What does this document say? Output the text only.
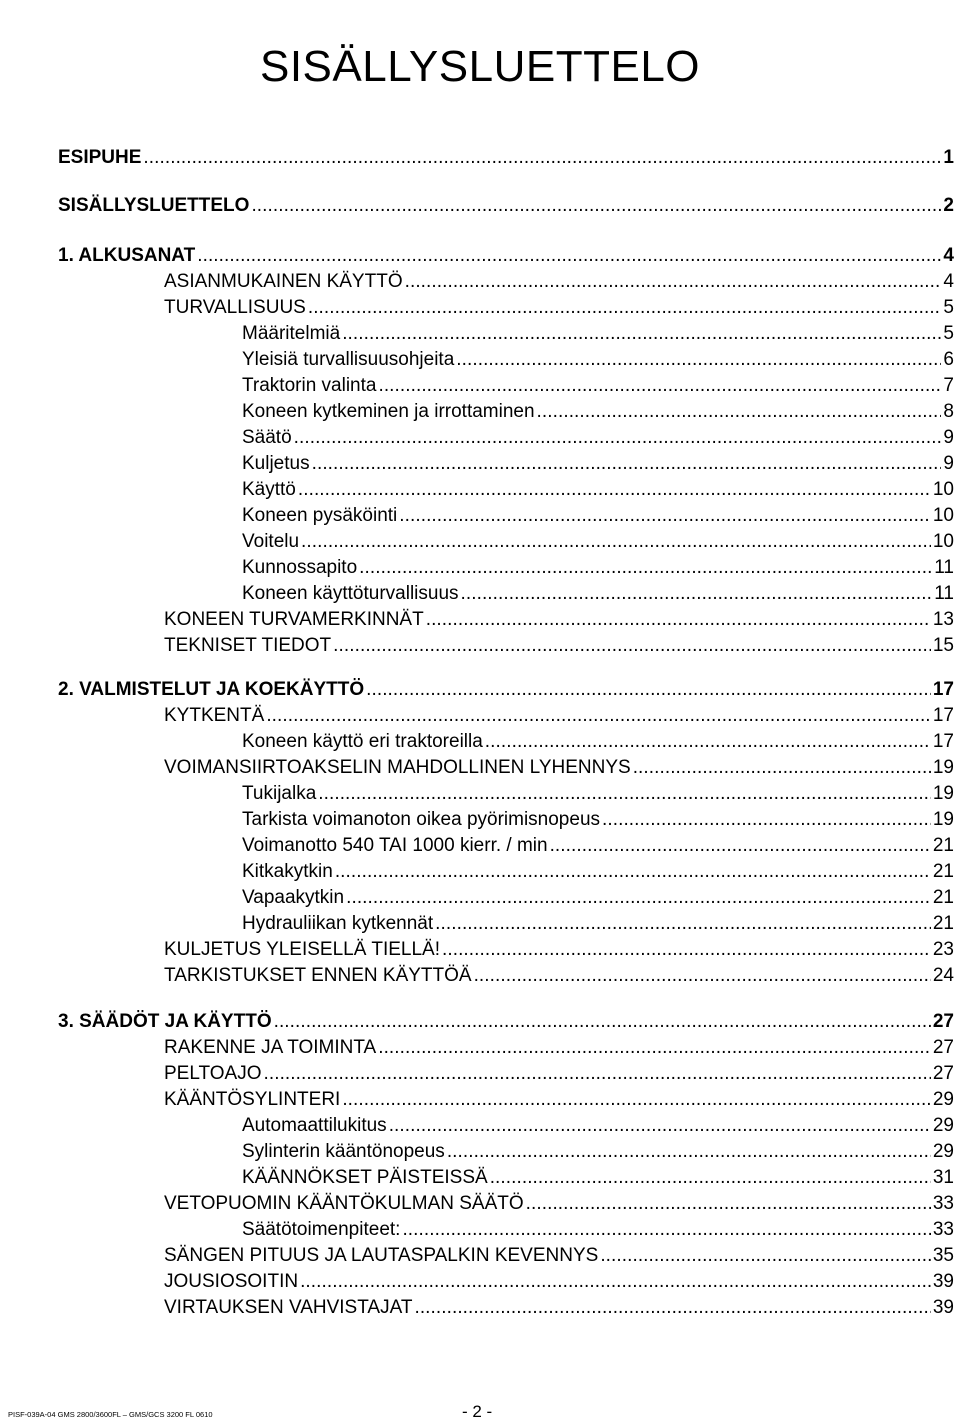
SISÄLLYSLUETTELO
ESIPUHE . . .	1
SISÄLLYSLUETTELO . . .	2
1. ALKUSANAT . . .	4
ASIANMUKAINEN KÄYTTÖ . . .	4
TURVALLISUUS . . .	5
Määritelmiä . . .	5
Yleisiä turvallisuusohjeita . . .	6
Traktorin valinta . . .	7
Koneen kytkeminen ja irrottaminen . . .	8
Säätö . . .	9
Kuljetus . . .	9
Käyttö . . .	10
Koneen pysäköinti . . .	10
Voitelu . . .	10
Kunnossapito . . .	11
Koneen käyttöturvallisuus . . .	11
KONEEN TURVAMERKINNÄT . . .	13
TEKNISET TIEDOT . . .	15
2. VALMISTELUT JA KOEKÄYTTÖ . . .	17
KYTKENTÄ . . .	17
Koneen käyttö eri traktoreilla . . .	17
VOIMANSIIRTOAKSELIN MAHDOLLINEN LYHENNYS . . .	19
Tukijalka . . .	19
Tarkista voimanoton oikea pyörimisnopeus . . .	19
Voimanotto 540 TAI 1000 kierr. / min . . .	21
Kitkakytkin . . .	21
Vapaakytkin . . .	21
Hydrauliikan kytkennät . . .	21
KULJETUS YLEISELLÄ TIELLÄ! . . .	23
TARKISTUKSET ENNEN KÄYTTÖÄ . . .	24
3. SÄÄDÖT JA KÄYTTÖ . . .	27
RAKENNE JA TOIMINTA . . .	27
PELTOAJO . . .	27
KÄÄNTÖSYLINTERI . . .	29
Automaattilukitus . . .	29
Sylinterin kääntönopeus . . .	29
KÄÄNNÖKSET PÄISTEISSÄ . . .	31
VETOPUOMIN KÄÄNTÖKULMAN SÄÄTÖ . . .	33
Säätötoimenpiteet: . . .	33
SÄNGEN PITUUS JA LAUTASPALKIN KEVENNYS . . .	35
JOUSIOSOITIN . . .	39
VIRTAUKSEN VAHVISTAJAT . . .	39
PISF-039A-04 GMS 2800/3600FL – GMS/GCS 3200 FL 0610	- 2 -
